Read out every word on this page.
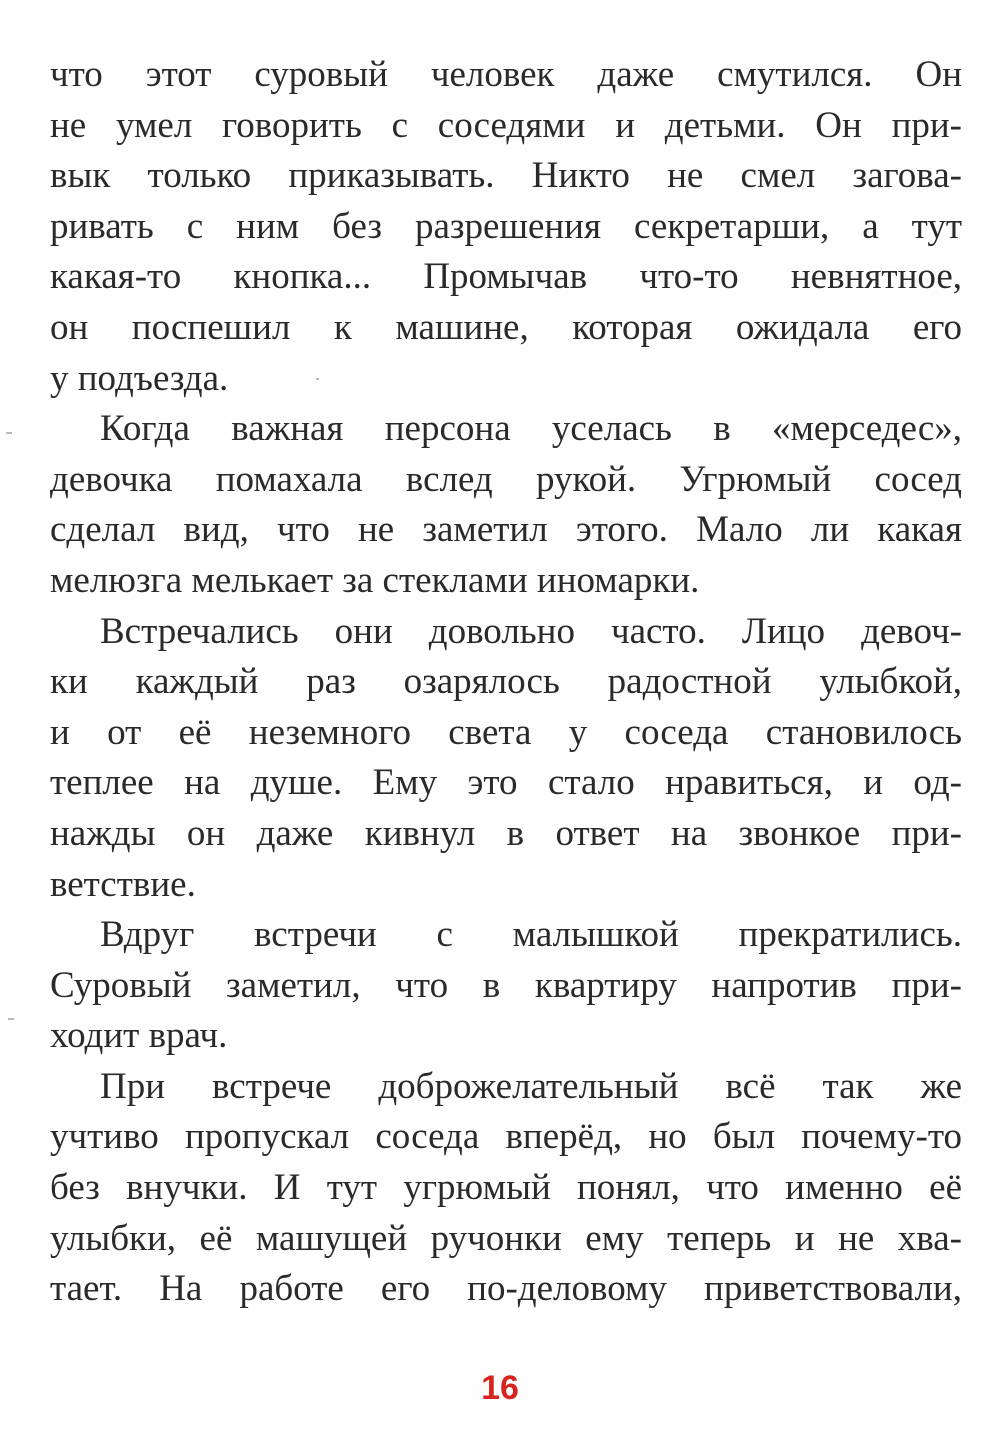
что этот суровый человек даже смутился. Он
не умел говорить с соседями и детьми. Он при-
вык только приказывать. Никто не смел загова-
ривать с ним без разрешения секретарши, а тут
какая-то кнопка... Промычав что-то невнятное,
он поспешил к машине, которая ожидала его
у подъезда.
Когда важная персона уселась в «мерседес»,
девочка помахала вслед рукой. Угрюмый сосед
сделал вид, что не заметил этого. Мало ли какая
мелюзга мелькает за стеклами иномарки.
Встречались они довольно часто. Лицо девоч-
ки каждый раз озарялось радостной улыбкой,
и от её неземного света у соседа становилось
теплее на душе. Ему это стало нравиться, и од-
нажды он даже кивнул в ответ на звонкое при-
ветствие.
Вдруг встречи с малышкой прекратились.
Суровый заметил, что в квартиру напротив при-
ходит врач.
При встрече доброжелательный всё так же
учтиво пропускал соседа вперёд, но был почему-то
без внучки. И тут угрюмый понял, что именно её
улыбки, её машущей ручонки ему теперь и не хва-
тает. На работе его по-деловому приветствовали,
16
